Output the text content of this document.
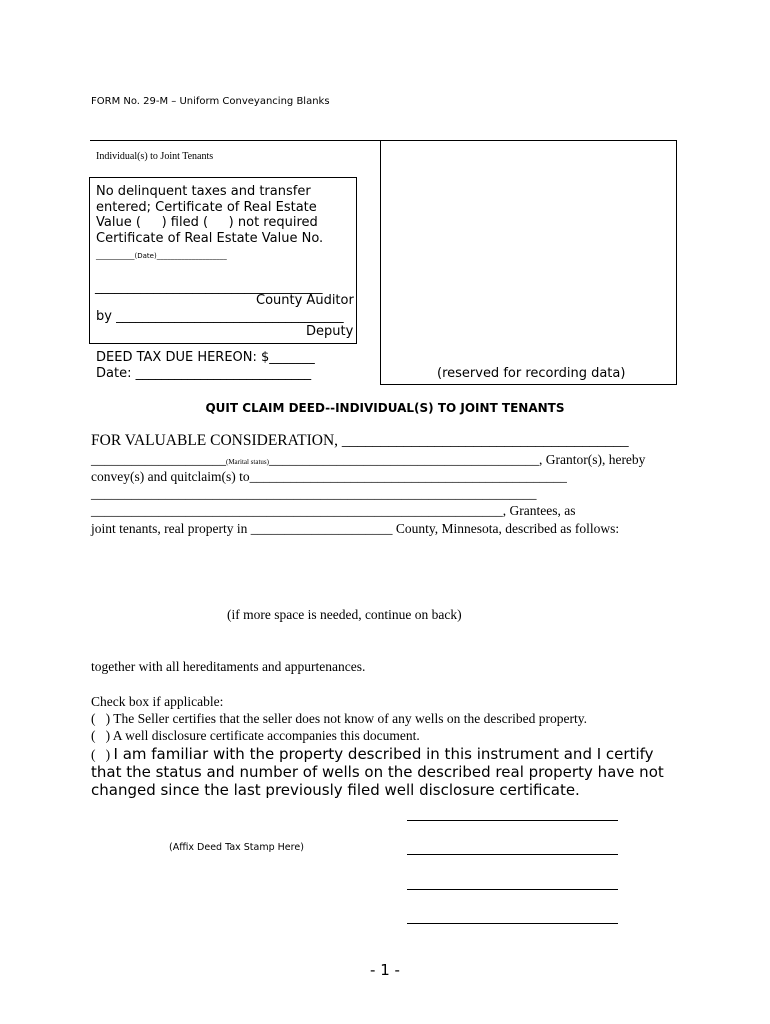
FORM No. 29-M – Uniform Conveyancing Blanks
(reserved for recording data)
Individual(s) to Joint Tenants
No delinquent taxes and transfer
entered; Certificate of Real Estate
Value (     ) filed (     ) not required
Certificate of Real Estate Value No.
___________(Date)____________________
___________________________________
County Auditor
by ___________________________________
Deputy
DEED TAX DUE HEREON: $_______
Date: ___________________________
QUIT CLAIM DEED--INDIVIDUAL(S) TO JOINT TENANTS
FOR VALUABLE CONSIDERATION, _____________________________________
____________________(Marital status)________________________________________, Grantor(s), hereby
convey(s) and quitclaim(s) to_______________________________________________
__________________________________________________________________
_____________________________________________________________, Grantees, as
joint tenants, real property in _____________________ County, Minnesota, described as follows:
(if more space is needed, continue on back)
together with all hereditaments and appurtenances.
Check box if applicable:
(   ) The Seller certifies that the seller does not know of any wells on the described property.
(   ) A well disclosure certificate accompanies this document.
(   ) I am familiar with the property described in this instrument and I certify
that the status and number of wells on the described real property have not
changed since the last previously filed well disclosure certificate.
(Affix Deed Tax Stamp Here)
- 1 -
